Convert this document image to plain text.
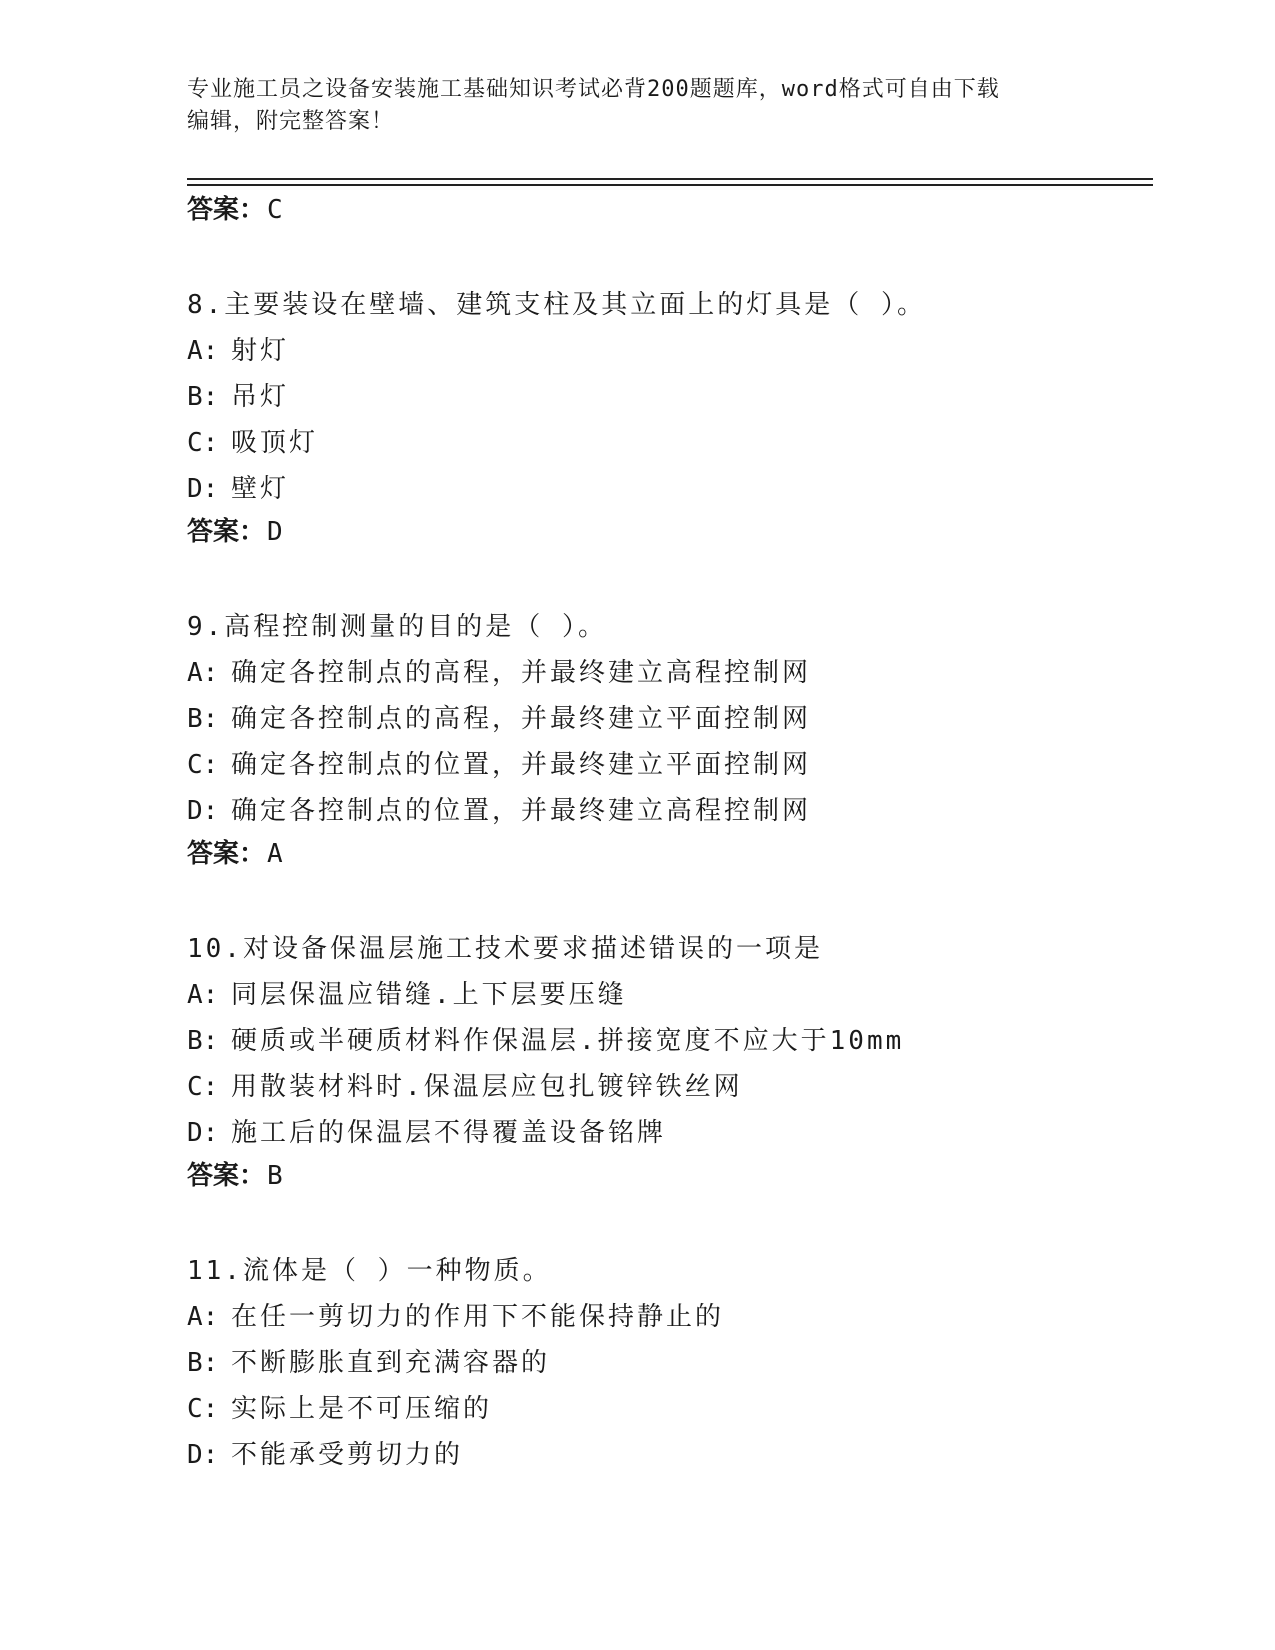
专业施工员之设备安装施工基础知识考试必背200题题库，word格式可自由下载
编辑，附完整答案！
答案：C
8.主要装设在壁墙、建筑支柱及其立面上的灯具是（ ）。
A: 射灯
B: 吊灯
C: 吸顶灯
D: 壁灯
答案：D
9.高程控制测量的目的是（ ）。
A: 确定各控制点的高程，并最终建立高程控制网
B: 确定各控制点的高程，并最终建立平面控制网
C: 确定各控制点的位置，并最终建立平面控制网
D: 确定各控制点的位置，并最终建立高程控制网
答案：A
10.对设备保温层施工技术要求描述错误的一项是
A: 同层保温应错缝.上下层要压缝
B: 硬质或半硬质材料作保温层.拼接宽度不应大于10mm
C: 用散装材料时.保温层应包扎镀锌铁丝网
D: 施工后的保温层不得覆盖设备铭牌
答案：B
11.流体是（ ）一种物质。
A: 在任一剪切力的作用下不能保持静止的
B: 不断膨胀直到充满容器的
C: 实际上是不可压缩的
D: 不能承受剪切力的
